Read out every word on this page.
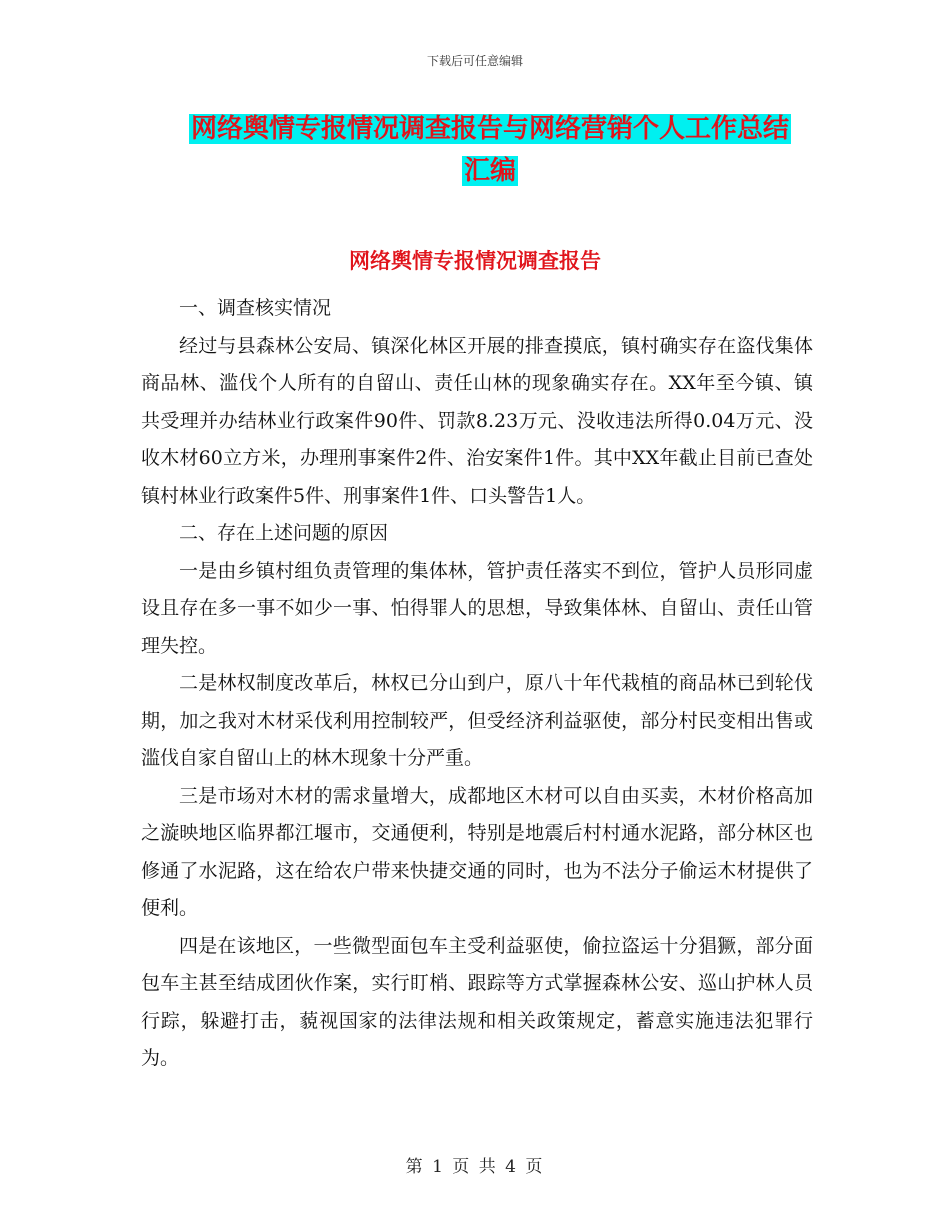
下载后可任意编辑
网络舆情专报情况调查报告与网络营销个人工作总结
汇编
网络舆情专报情况调查报告

一、调查核实情况

经过与县森林公安局、镇深化林区开展的排查摸底，镇村确实存在盗伐集体商品林、滥伐个人所有的自留山、责任山林的现象确实存在。XX年至今镇、镇共受理并办结林业行政案件90件、罚款8.23万元、没收违法所得0.04万元、没收木材60立方米，办理刑事案件2件、治安案件1件。其中XX年截止目前已查处镇村林业行政案件5件、刑事案件1件、口头警告1人。

二、存在上述问题的原因

一是由乡镇村组负责管理的集体林，管护责任落实不到位，管护人员形同虚设且存在多一事不如少一事、怕得罪人的思想，导致集体林、自留山、责任山管理失控。

二是林权制度改革后，林权已分山到户，原八十年代栽植的商品林已到轮伐期，加之我对木材采伐利用控制较严，但受经济利益驱使，部分村民变相出售或滥伐自家自留山上的林木现象十分严重。

三是市场对木材的需求量增大，成都地区木材可以自由买卖，木材价格高加之漩映地区临界都江堰市，交通便利，特别是地震后村村通水泥路，部分林区也修通了水泥路，这在给农户带来快捷交通的同时，也为不法分子偷运木材提供了便利。

四是在该地区，一些微型面包车主受利益驱使，偷拉盗运十分猖獗，部分面包车主甚至结成团伙作案，实行盯梢、跟踪等方式掌握森林公安、巡山护林人员行踪，躲避打击，藐视国家的法律法规和相关政策规定，蓄意实施违法犯罪行为。

第 1 页 共 4 页
